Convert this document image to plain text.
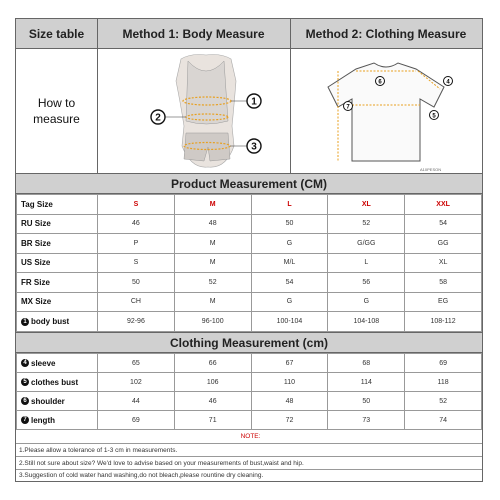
Size table	Method 1: Body Measure	Method 2: Clothing Measure
How to
measure
1
2
3
6	4
7
5
A10PESON
Product Measurement (CM)
Tag Size	S	M	L	XL	XXL
RU Size	46	48	50	52	54
BR Size	P	M	G	G/GG	GG
US Size	S	M	M/L	L	XL
FR Size	50	52	54	56	58
MX Size	CH	M	G	G	EG
1 body bust	92-96	96-100	100-104	104-108	108-112
Clothing Measurement (cm)
4 sleeve	65	66	67	68	69
5 clothes bust	102	106	110	114	118
6 shoulder	44	46	48	50	52
7 length	69	71	72	73	74
NOTE:
1.Please allow a tolerance of 1-3 cm in measurements.
2.Still not sure about size? We'd love to advise based on your measurements of bust,waist and hip.
3.Suggestion of cold water hand washing,do not bleach,please rountine dry cleaning.
